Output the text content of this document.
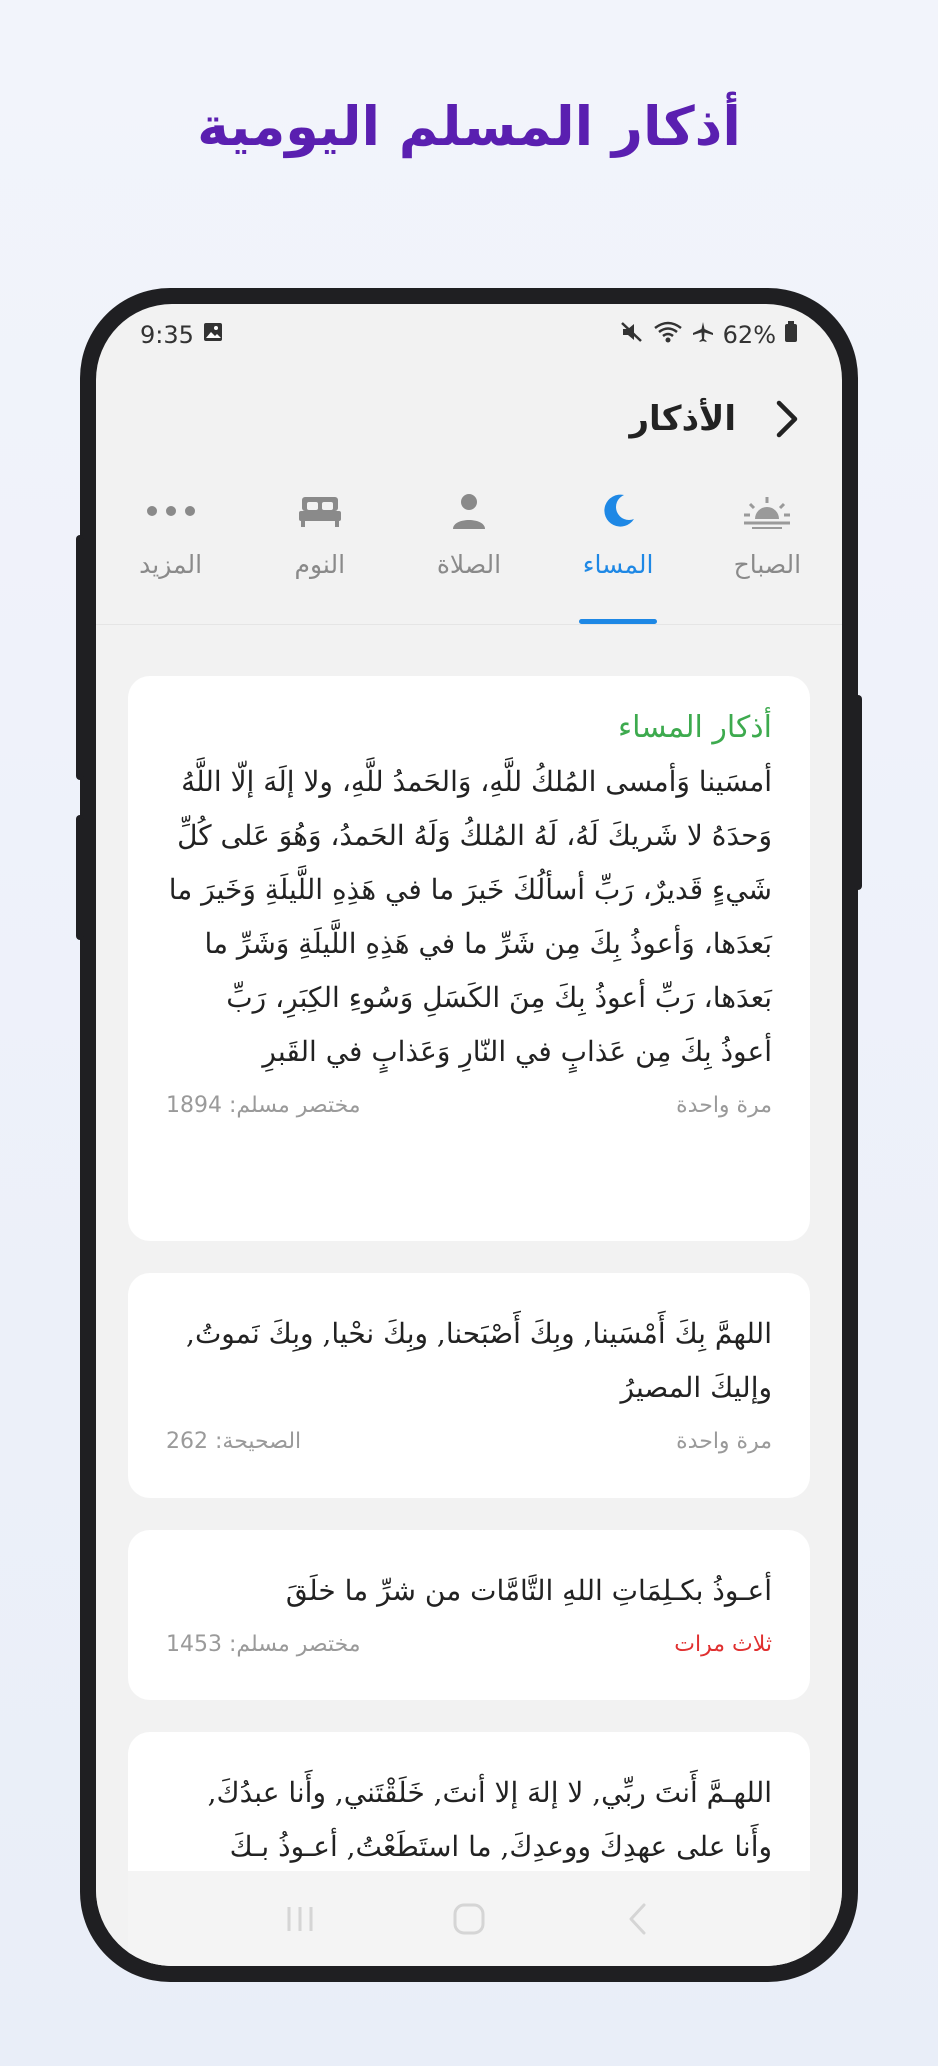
أذكار المسلم اليومية
9:35	62%
الأذكار
الصباح
المساء
الصلاة
النوم
المزيد
أذكار المساء
أمسَينا وَأمسى المُلكُ للَّهِ، وَالحَمدُ للَّهِ، ولا إلَهَ إلّا اللَّهُ وَحدَهُ لا شَريكَ لَهُ، لَهُ المُلكُ وَلَهُ الحَمدُ، وَهُوَ عَلى كُلِّ شَيءٍ قَديرٌ، رَبِّ أسألُكَ خَيرَ ما في هَذِهِ اللَّيلَةِ وَخَيرَ ما بَعدَها، وَأعوذُ بِكَ مِن شَرِّ ما في هَذِهِ اللَّيلَةِ وَشَرِّ ما بَعدَها، رَبِّ أعوذُ بِكَ مِنَ الكَسَلِ وَسُوءِ الكِبَرِ، رَبِّ أعوذُ بِكَ مِن عَذابٍ في النّارِ وَعَذابٍ في القَبرِ
مرة واحدة
مختصر مسلم: 1894
اللهمَّ بِكَ أَمْسَينا, وبِكَ أَصْبَحنا, وبِكَ نحْيا, وبِكَ نَموتُ, وإليكَ المصيرُ
مرة واحدة
الصحيحة: 262
أعـوذُ بكـلِمَاتِ اللهِ التَّامَّات من شرِّ ما خلَقَ
ثلاث مرات
مختصر مسلم: 1453
اللهـمَّ أَنتَ ربِّي, لا إلهَ إلا أنتَ, خَلَقْتَني, وأَنا عبدُكَ, وأَنا على عهدِكَ ووعدِكَ, ما استَطَعْتُ, أعـوذُ بـكَ
